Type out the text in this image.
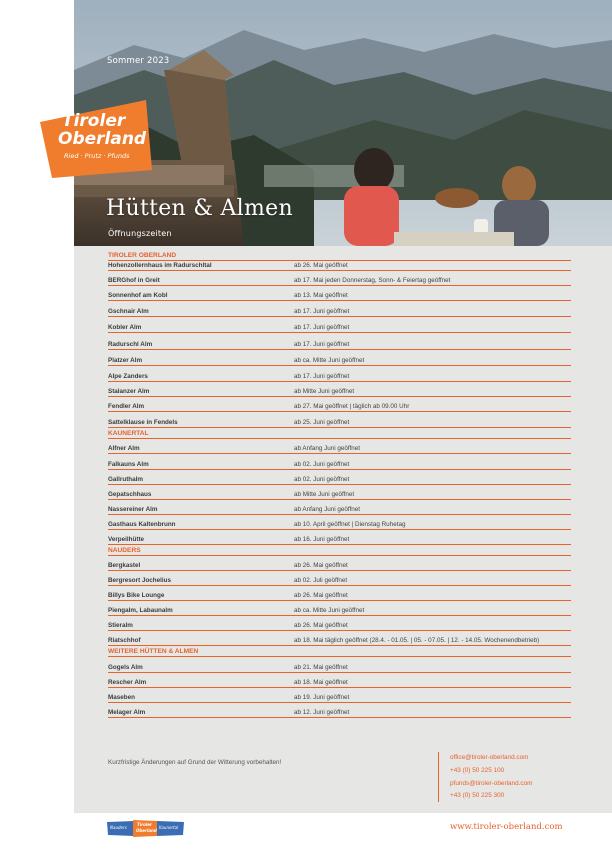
Sommer 2023
Hütten & Almen
Öffnungszeiten
Tiroler
Oberland
Ried · Prutz · Pfunds
TIROLER OBERLAND
Hohenzollernhaus im Radurschltal	ab 26. Mai geöffnet
BERGhof in Greit	ab 17. Mai jeden Donnerstag, Sonn- & Feiertag geöffnet
Sonnenhof am Kobl	ab 13. Mai geöffnet
Gschnair Alm	ab 17. Juni geöffnet
Kobler Alm	ab 17. Juni geöffnet
Radurschl Alm	ab 17. Juni geöffnet
Platzer Alm	ab ca. Mitte Juni geöffnet
Alpe Zanders	ab 17. Juni geöffnet
Stalanzer Alm	ab Mitte Juni geöffnet
Fendler Alm	ab 27. Mai geöffnet | täglich ab 09.00 Uhr
Sattelklause in Fendels	ab 25. Juni geöffnet
KAUNERTAL
Alfner Alm	ab Anfang Juni geöffnet
Falkauns Alm	ab 02. Juni geöffnet
Gallruthalm	ab 02. Juni geöffnet
Gepatschhaus	ab Mitte Juni geöffnet
Nassereiner Alm	ab Anfang Juni geöffnet
Gasthaus Kaltenbrunn	ab 10. April geöffnet | Dienstag Ruhetag
Verpeilhütte	ab 16. Juni geöffnet
NAUDERS
Bergkastel	ab 26. Mai geöffnet
Bergresort Jochelius	ab 02. Juli geöffnet
Billys Bike Lounge	ab 26. Mai geöffnet
Piengalm, Labaunalm	ab ca. Mitte Juni geöffnet
Stieralm	ab 26. Mai geöffnet
Riatschhof	ab 18. Mai täglich geöffnet (28.4. - 01.05. | 05. - 07.05. | 12. - 14.05. Wochenendbetrieb)
WEITERE HÜTTEN & ALMEN
Gogels Alm	ab 21. Mai geöffnet
Rescher Alm	ab 18. Mai geöffnet
Maseben	ab 19. Juni geöffnet
Melager Alm	ab 12. Juni geöffnet
Kurzfristige Änderungen auf Grund der Witterung vorbehalten!
office@tiroler-oberland.com
+43 (0) 50 225 100
pfunds@tiroler-oberland.com
+43 (0) 50 225 300
Nauders
Tiroler
Oberland
Kaunertal	www.tiroler-oberland.com
